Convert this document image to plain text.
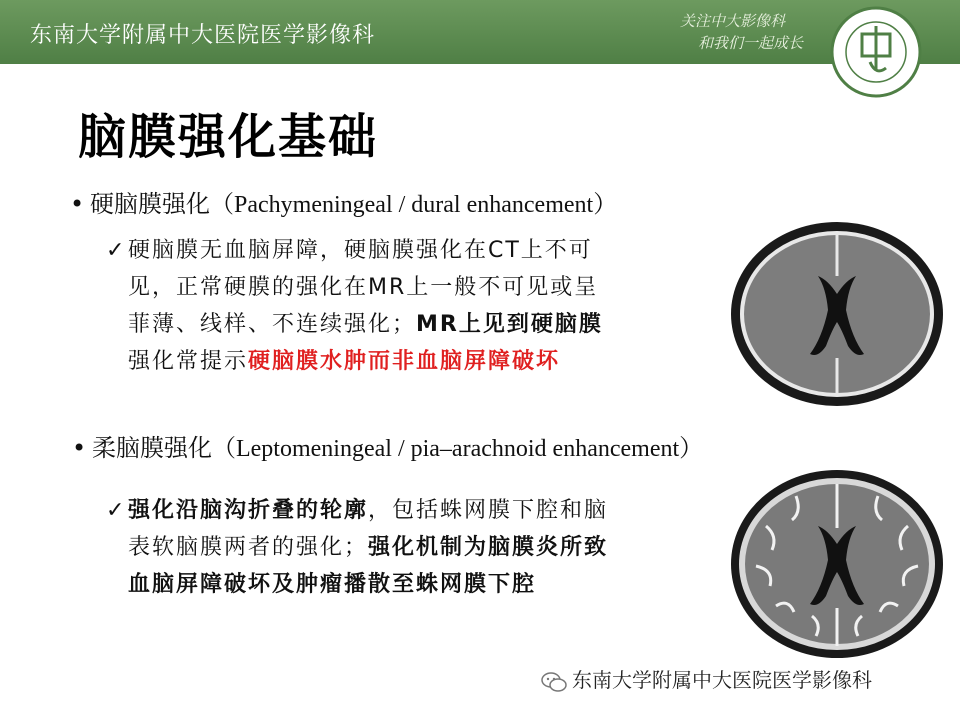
东南大学附属中大医院医学影像科
关注中大影像科
和我们一起成长
脑膜强化基础
• 硬脑膜强化（Pachymeningeal / dural enhancement）
✓硬脑膜无血脑屏障，硬脑膜强化在CT上不可
见，正常硬膜的强化在MR上一般不可见或呈
菲薄、线样、不连续强化；MR上见到硬脑膜
强化常提示硬脑膜水肿而非血脑屏障破坏
• 柔脑膜强化（Leptomeningeal / pia–arachnoid enhancement）
✓强化沿脑沟折叠的轮廓，包括蛛网膜下腔和脑
表软脑膜两者的强化；强化机制为脑膜炎所致
血脑屏障破坏及肿瘤播散至蛛网膜下腔
东南大学附属中大医院医学影像科
